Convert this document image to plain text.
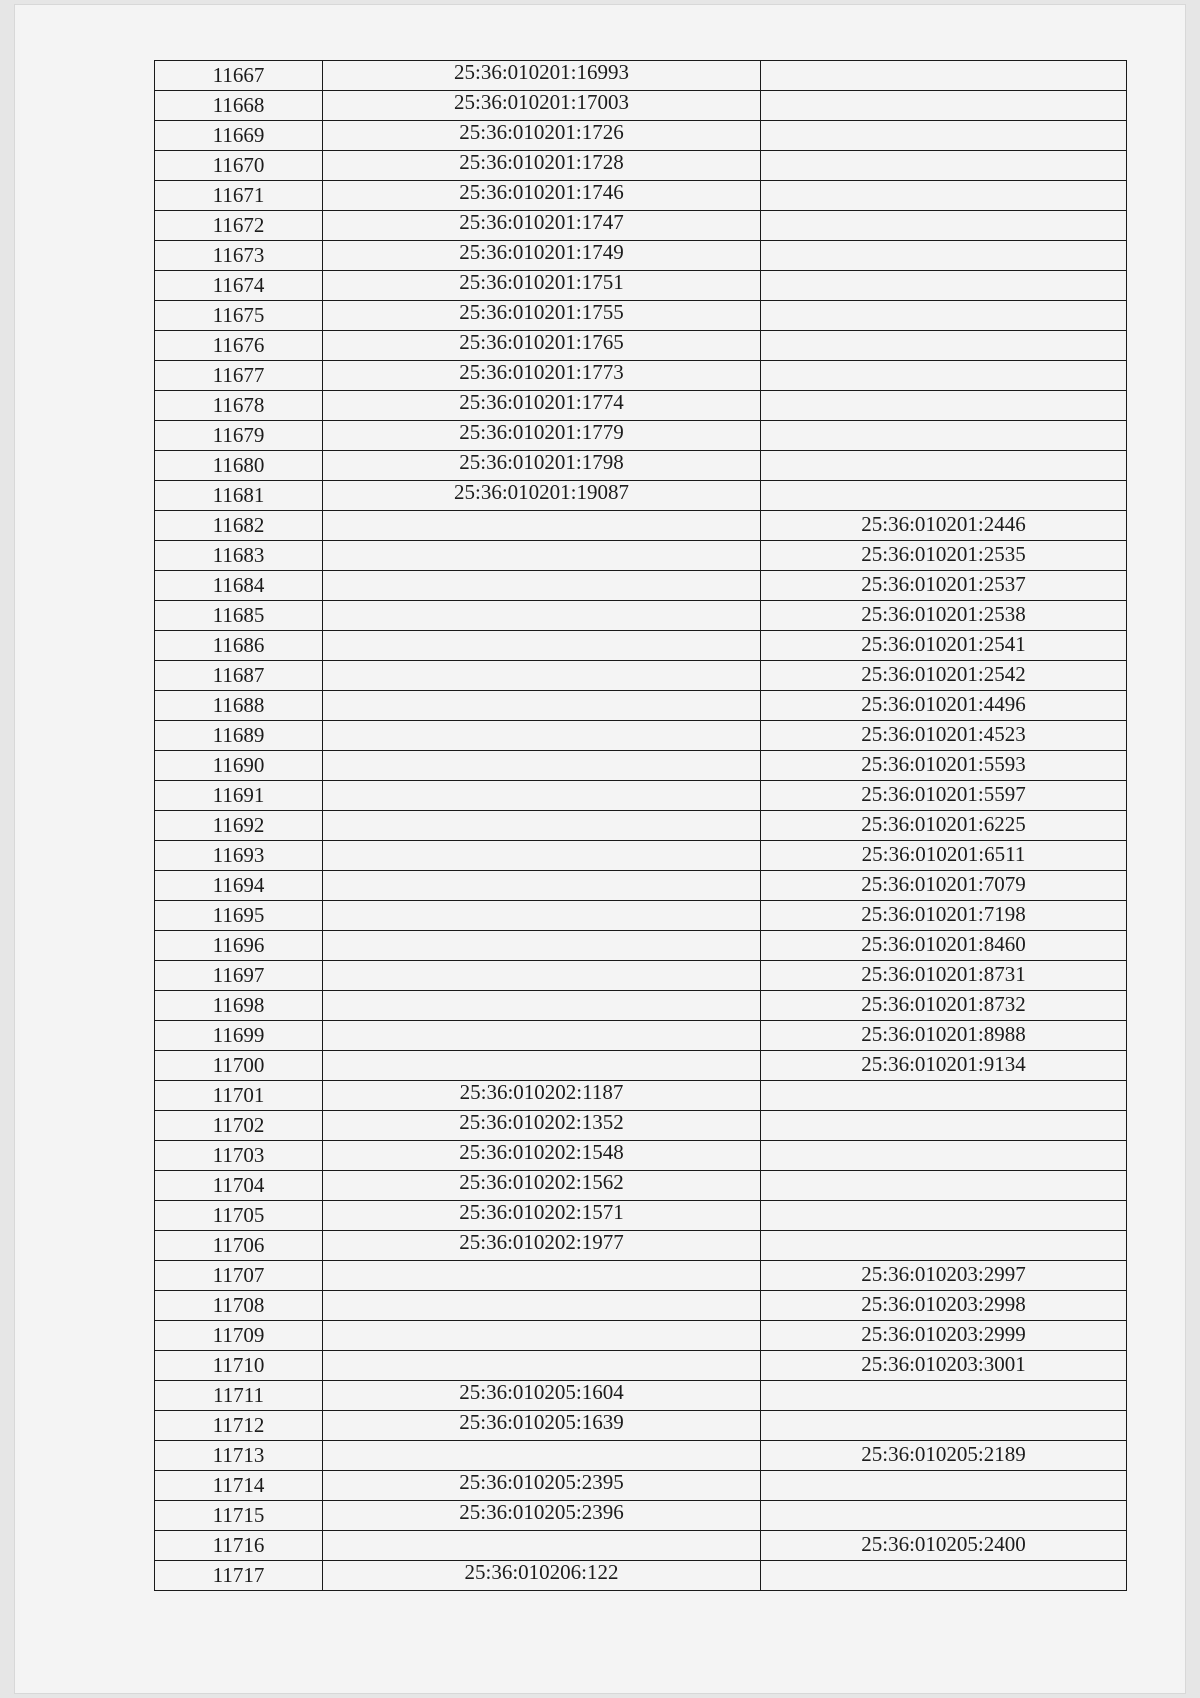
11667	25:36:010201:16993	
11668	25:36:010201:17003	
11669	25:36:010201:1726	
11670	25:36:010201:1728	
11671	25:36:010201:1746	
11672	25:36:010201:1747	
11673	25:36:010201:1749	
11674	25:36:010201:1751	
11675	25:36:010201:1755	
11676	25:36:010201:1765	
11677	25:36:010201:1773	
11678	25:36:010201:1774	
11679	25:36:010201:1779	
11680	25:36:010201:1798	
11681	25:36:010201:19087	
11682		25:36:010201:2446
11683		25:36:010201:2535
11684		25:36:010201:2537
11685		25:36:010201:2538
11686		25:36:010201:2541
11687		25:36:010201:2542
11688		25:36:010201:4496
11689		25:36:010201:4523
11690		25:36:010201:5593
11691		25:36:010201:5597
11692		25:36:010201:6225
11693		25:36:010201:6511
11694		25:36:010201:7079
11695		25:36:010201:7198
11696		25:36:010201:8460
11697		25:36:010201:8731
11698		25:36:010201:8732
11699		25:36:010201:8988
11700		25:36:010201:9134
11701	25:36:010202:1187	
11702	25:36:010202:1352	
11703	25:36:010202:1548	
11704	25:36:010202:1562	
11705	25:36:010202:1571	
11706	25:36:010202:1977	
11707		25:36:010203:2997
11708		25:36:010203:2998
11709		25:36:010203:2999
11710		25:36:010203:3001
11711	25:36:010205:1604	
11712	25:36:010205:1639	
11713		25:36:010205:2189
11714	25:36:010205:2395	
11715	25:36:010205:2396	
11716		25:36:010205:2400
11717	25:36:010206:122	
